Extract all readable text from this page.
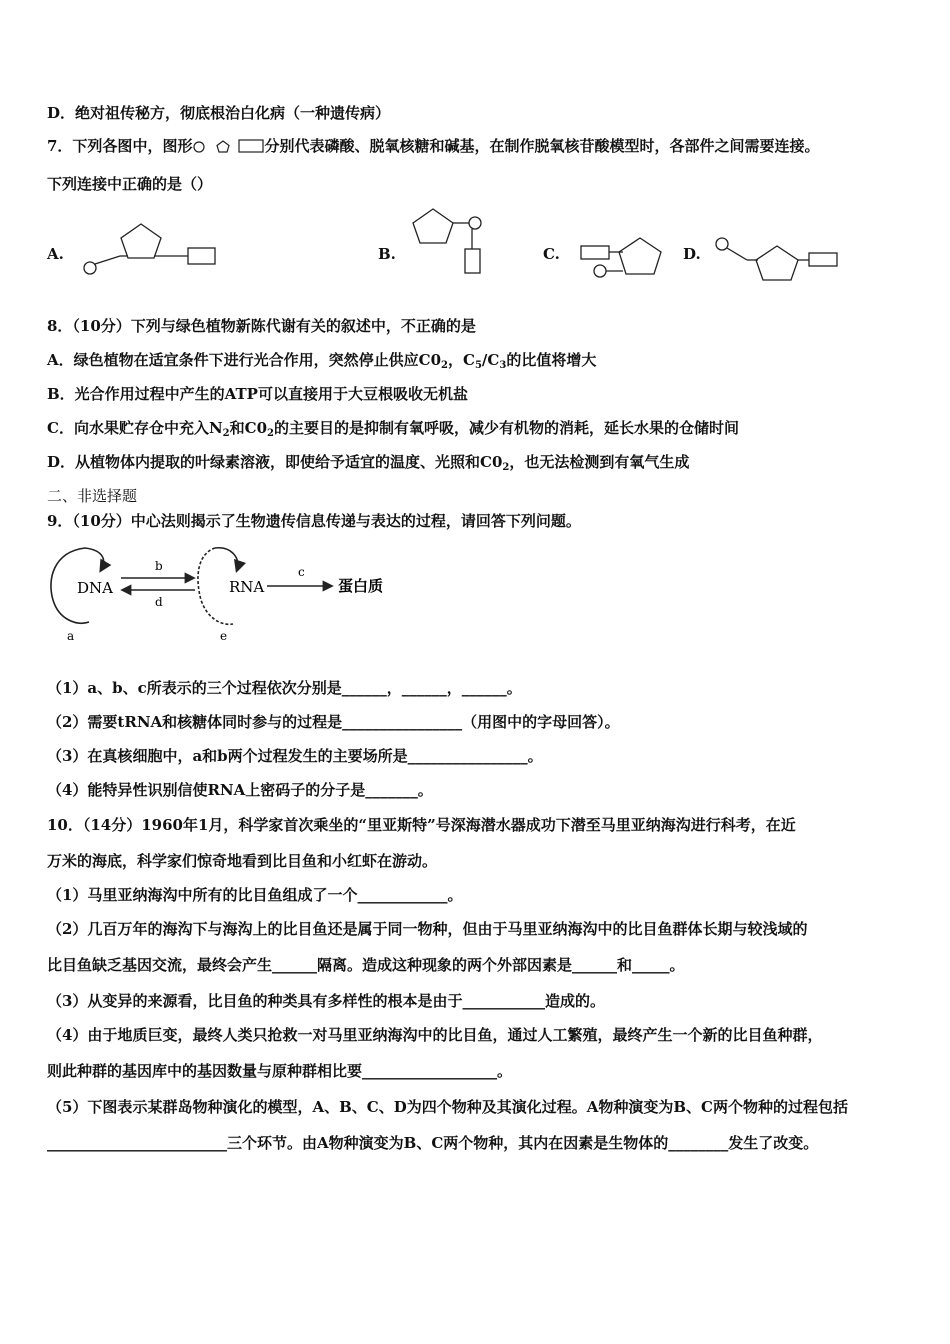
D．绝对祖传秘方，彻底根治白化病（一种遗传病）
7．下列各图中，图形	分别代表磷酸、脱氧核糖和碱基，在制作脱氧核苷酸模型时，各部件之间需要连接。
下列连接中正确的是（）
A.	B.	C.	D.
8．（10分）下列与绿色植物新陈代谢有关的叙述中，不正确的是
A．绿色植物在适宜条件下进行光合作用，突然停止供应$C0_2$，$C_5/C_3$的比值将增大
B．光合作用过程中产生的ATP可以直接用于大豆根吸收无机盐
C．向水果贮存仓中充入$N_2$和$C0_2$的主要目的是抑制有氧呼吸，减少有机物的消耗，延长水果的仓储时间
D．从植物体内提取的叶绿素溶液，即使给予适宜的温度、光照和$C0_2$，也无法检测到有氧气生成
二、非选择题
9．（10分）中心法则揭示了生物遗传信息传递与表达的过程，请回答下列问题。
DNA
a
b
d
RNA
e
c
蛋白质
（1）a、b、c所表示的三个过程依次分别是______，______，______。
（2）需要tRNA和核糖体同时参与的过程是________________（用图中的字母回答）。
（3）在真核细胞中，a和b两个过程发生的主要场所是________________。
（4）能特异性识别信使RNA上密码子的分子是_______。
10．（14分）1960年1月，科学家首次乘坐的“里亚斯特”号深海潜水器成功下潜至马里亚纳海沟进行科考，在近
万米的海底，科学家们惊奇地看到比目鱼和小红虾在游动。
（1）马里亚纳海沟中所有的比目鱼组成了一个____________。
（2）几百万年的海沟下与海沟上的比目鱼还是属于同一物种，但由于马里亚纳海沟中的比目鱼群体长期与较浅域的
比目鱼缺乏基因交流，最终会产生______隔离。造成这种现象的两个外部因素是______和_____。
（3）从变异的来源看，比目鱼的种类具有多样性的根本是由于___________造成的。
（4）由于地质巨变，最终人类只抢救一对马里亚纳海沟中的比目鱼，通过人工繁殖，最终产生一个新的比目鱼种群，
则此种群的基因库中的基因数量与原种群相比要__________________。
（5）下图表示某群岛物种演化的模型，A、B、C、D为四个物种及其演化过程。A物种演变为B、C两个物种的过程包括
________________________三个环节。由A物种演变为B、C两个物种，其内在因素是生物体的________发生了改变。
